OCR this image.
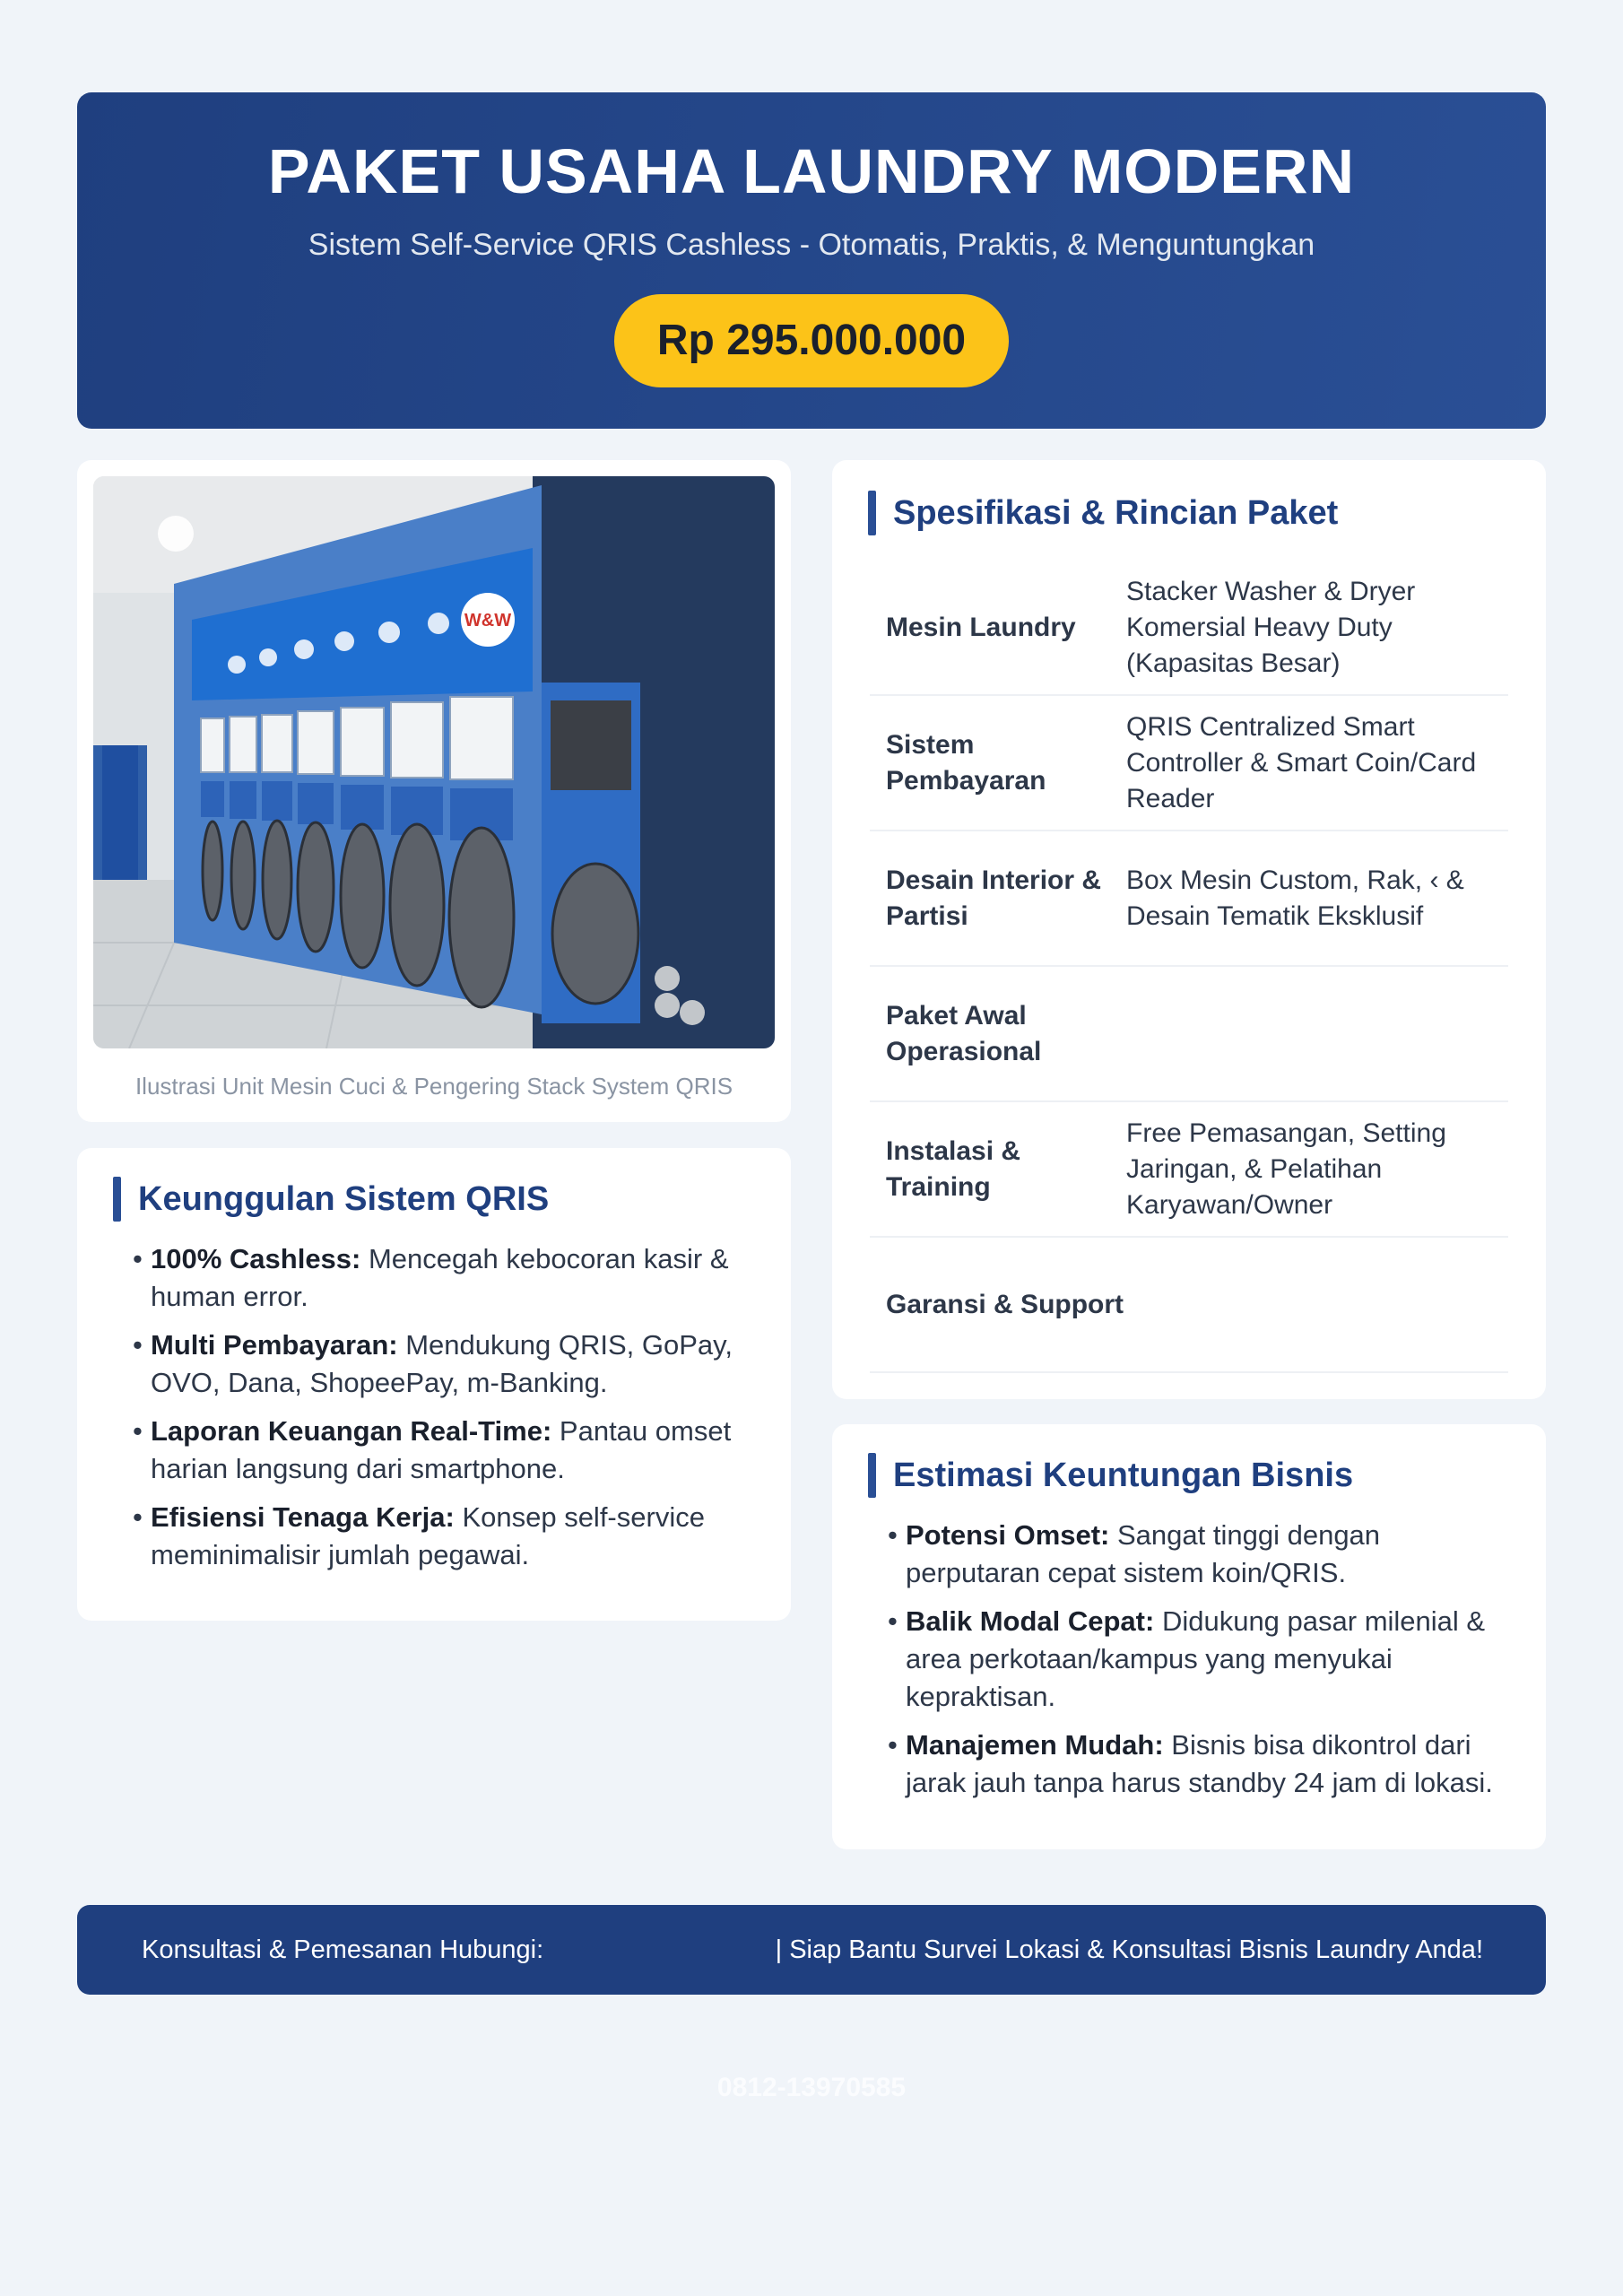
PAKET USAHA LAUNDRY MODERN
Sistem Self-Service QRIS Cashless - Otomatis, Praktis, & Menguntungkan
Rp 295.000.000
W&W
Ilustrasi Unit Mesin Cuci & Pengering Stack System QRIS
Keunggulan Sistem QRIS
• 100% Cashless: Mencegah kebocoran kasir & human error.
• Multi Pembayaran: Mendukung QRIS, GoPay, OVO, Dana, ShopeePay, m-Banking.
• Laporan Keuangan Real-Time: Pantau omset harian langsung dari smartphone.
• Efisiensi Tenaga Kerja: Konsep self-service meminimalisir jumlah pegawai.
Spesifikasi & Rincian Paket
Mesin Laundry
Stacker Washer & Dryer Komersial Heavy Duty (Kapasitas Besar)
Sistem Pembayaran
QRIS Centralized Smart Controller & Smart Coin/Card Reader
Desain Interior & Partisi
Box Mesin Custom, Rak, ‹ & Desain Tematik Eksklusif
Paket Awal Operasional
Instalasi & Training
Free Pemasangan, Setting Jaringan, & Pelatihan Karyawan/Owner
Garansi & Support
Estimasi Keuntungan Bisnis
• Potensi Omset: Sangat tinggi dengan perputaran cepat sistem koin/QRIS.
• Balik Modal Cepat: Didukung pasar milenial & area perkotaan/kampus yang menyukai kepraktisan.
• Manajemen Mudah: Bisnis bisa dikontrol dari jarak jauh tanpa harus standby 24 jam di lokasi.
Konsultasi & Pemesanan Hubungi:	| Siap Bantu Survei Lokasi & Konsultasi Bisnis Laundry Anda!
0812-13970585
